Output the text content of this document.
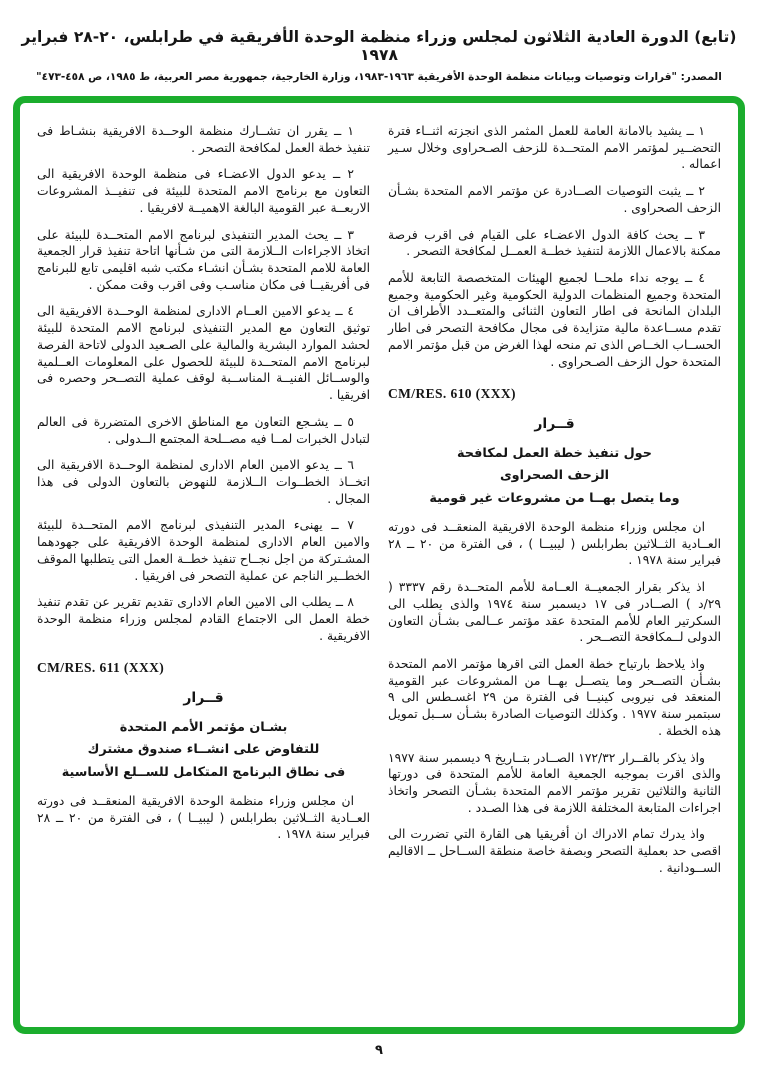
(تابع) الدورة العادية الثلاثون لمجلس وزراء منظمة الوحدة الأفريقية في طرابلس، ٢٠-٢٨ فبراير ١٩٧٨
المصدر: "قرارات وتوصيات وبيانات منظمة الوحدة الأفريقية ١٩٦٣-١٩٨٣، وزارة الخارجية، جمهورية مصر العربية، ط ١٩٨٥، ص ٤٥٨-٤٧٣"
١ ــ يشيد بالامانة العامة للعمل المثمر الذى انجزته اثنــاء فترة التحضــير لمؤتمر الامم المتحــدة للزحف الصـحراوى وخلال سـير اعماله .
٢ ــ يثبت التوصيات الصــادرة عن مؤتمر الامم المتحدة بشـأن الزحف الصحراوى .
٣ ــ يحث كافة الدول الاعضـاء على القيام فى اقرب فرصة ممكنة بالاعمال اللازمة لتنفيذ خطــة العمــل لمكافحة التصحر .
٤ ــ يوجه نداء ملحــا لجميع الهيئات المتخصصة التابعة للأمم المتحدة وجميع المنظمات الدولية الحكومية وغير الحكومية وجميع البلدان المانحة فى اطار التعاون الثنائى والمتعــدد الأطراف ان تقدم مســاعدة مالية متزايدة فى مجال مكافحة التصحر فى اطار الحســاب الخــاص الذى تم منحه لهذا الغرض من قبل مؤتمر الامم المتحدة حول الزحف الصـحراوى .
CM/RES. 610 (XXX)
قــرار
حول تنفيذ خطة العمل لمكافحة
الزحف الصحراوى
وما يتصل بهــا من مشروعات غير قومية
ان مجلس وزراء منظمة الوحدة الافريقية المنعقــد فى دورته العــادية الثــلاثين بطرابلس ( ليبيــا ) ، فى الفترة من ٢٠ ــ ٢٨ فبراير سنة ١٩٧٨ .
اذ يذكر بقرار الجمعيــة العــامة للأمم المتحــدة رقم ٣٣٣٧ ( ٢٩/د ) الصــادر فى ١٧ ديسمبر سنة ١٩٧٤ والذى يطلب الى السكرتير العام للأمم المتحدة عقد مؤتمر عــالمى بشـأن التعاون الدولى لــمكافحة التصــحر .
واذ يلاحظ بارتياح خطة العمل التى اقرها مؤتمر الامم المتحدة بشـأن التصــحر وما يتصــل بهــا من المشروعات عبر القومية المنعقد فى نيروبى كينيــا فى الفترة من ٢٩ اغسـطس الى ٩ سبتمبر سنة ١٩٧٧ . وكذلك التوصيات الصادرة بشـأن ســبل تمويل هذه الخطة .
واذ يذكر بالقــرار ١٧٢/٣٢ الصــادر بتــاريخ ٩ ديسمبر سنة ١٩٧٧ والذى اقرت بموجبه الجمعية العامة للأمم المتحدة فى دورتها الثانية والثلاثين تقرير مؤتمر الامم المتحدة بشـأن التصحر واتخاذ اجراءات المتابعة المختلفة اللازمة فى هذا الصـدد .
واذ يدرك تمام الادراك ان أفريقيا هى القارة التي تضررت الى اقصى حد بعملية التصحر وبصفة خاصة منطقة الســاحل ــ الاقاليم الســودانية .
١ ــ يقرر ان تشــارك منظمة الوحــدة الافريقية بنشـاط فى تنفيذ خطة العمل لمكافحة التصحر .
٢ ــ يدعو الدول الاعضـاء فى منظمة الوحدة الافريقية الى التعاون مع برنامج الامم المتحدة للبيئة فى تنفيــذ المشروعات الاربعــة عبر القومية البالغة الاهميــة لافريقيا .
٣ ــ يحث المدير التنفيذى لبرنامج الامم المتحــدة للبيئة على اتخاذ الاجراءات الــلازمة التى من شـأنها اتاحة تنفيذ قرار الجمعية العامة للامم المتحدة بشـأن انشـاء مكتب شبه اقليمى تابع للبرنامج فى أفريقيــا فى مكان مناسـب وفى اقرب وقت ممكن .
٤ ــ يدعو الامين العــام الادارى لمنظمة الوحــدة الافريقية الى توثيق التعاون مع المدير التنفيذى لبرنامج الامم المتحدة للبيئة لحشد الموارد البشرية والمالية على الصـعيد الدولى لاتاحة الفرصة لبرنامج الامم المتحــدة للبيئة للحصول على المعلومات العــلمية والوســائل الفنيــة المناســبة لوقف عملية التصــحر وحصره فى افريقيا .
٥ ــ يشـجع التعاون مع المناطق الاخرى المتضررة فى العالم لتبادل الخبرات لمــا فيه مصــلحة المجتمع الــدولى .
٦ ــ يدعو الامين العام الادارى لمنظمة الوحــدة الافريقية الى اتخــاذ الخطــوات الــلازمة للنهوض بالتعاون الدولى فى هذا المجال .
٧ ــ يهنىء المدير التنفيذى لبرنامج الامم المتحــدة للبيئة والامين العام الادارى لمنظمة الوحدة الافريقية على جهودهما المشـتركة من اجل نجــاح تنفيذ خطــة العمل التى يتطلبها الموقف الخطــير الناجم عن عملية التصحر فى افريقيا .
٨ ــ يطلب الى الامين العام الادارى تقديم تقرير عن تقدم تنفيذ خطة العمل الى الاجتماع القادم لمجلس وزراء منظمة الوحدة الافريقية .
CM/RES. 611 (XXX)
قــرار
بشـان مؤتمر الأمم المتحدة
للتفاوض على انشــاء صندوق مشترك
فى نطاق البرنامج المتكامل للســلع الأساسية
ان مجلس وزراء منظمة الوحدة الافريقية المنعقــد فى دورته العــادية الثــلاثين بطرابلس ( ليبيــا ) ، فى الفترة من ٢٠ ــ ٢٨ فبراير سنة ١٩٧٨ .
٩
